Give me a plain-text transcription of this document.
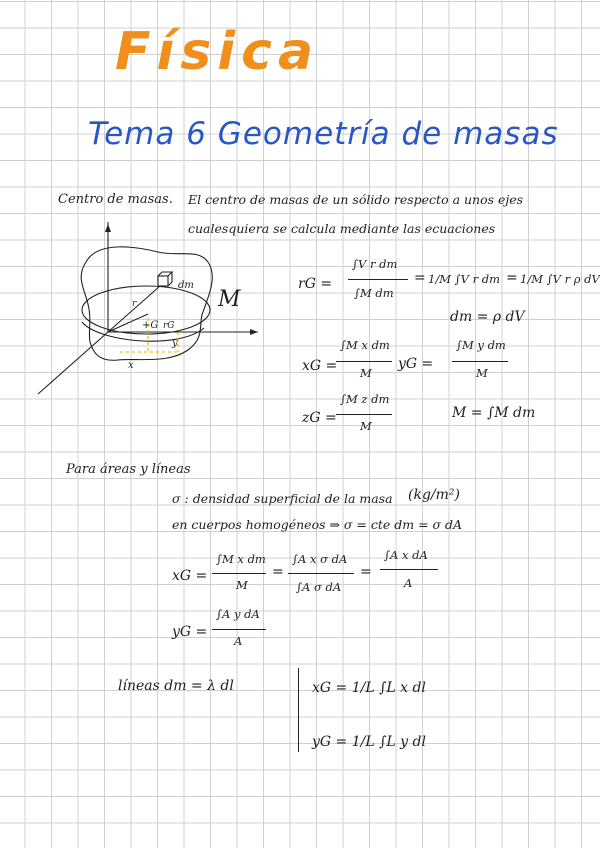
Física
Tema 6 Geometría de masas
Centro de masas. El centro de masas de un sólido respecto a unos ejes
cualesquiera se calcula mediante las ecuaciones
dm
M
r
+G rG
x
y
rG =
∫V r dm
∫M dm
= 1/M ∫V r dm = 1/M ∫V r ρ dV
dm = ρ dV
xG =
∫M x dm
M
yG =
∫M y dm
M
zG =
∫M z dm
M
M = ∫M dm
Para áreas y líneas
σ : densidad superficial de la masa (kg/m²)
en cuerpos homogéneos ⇒ σ = cte dm = σ dA
xG =
∫M x dm
M
=
∫A x σ dA
∫A σ dA
=
∫A x dA
A
yG =
∫A y dA
A
líneas dm = λ dl	xG = 1/L ∫L x dl
yG = 1/L ∫L y dl
